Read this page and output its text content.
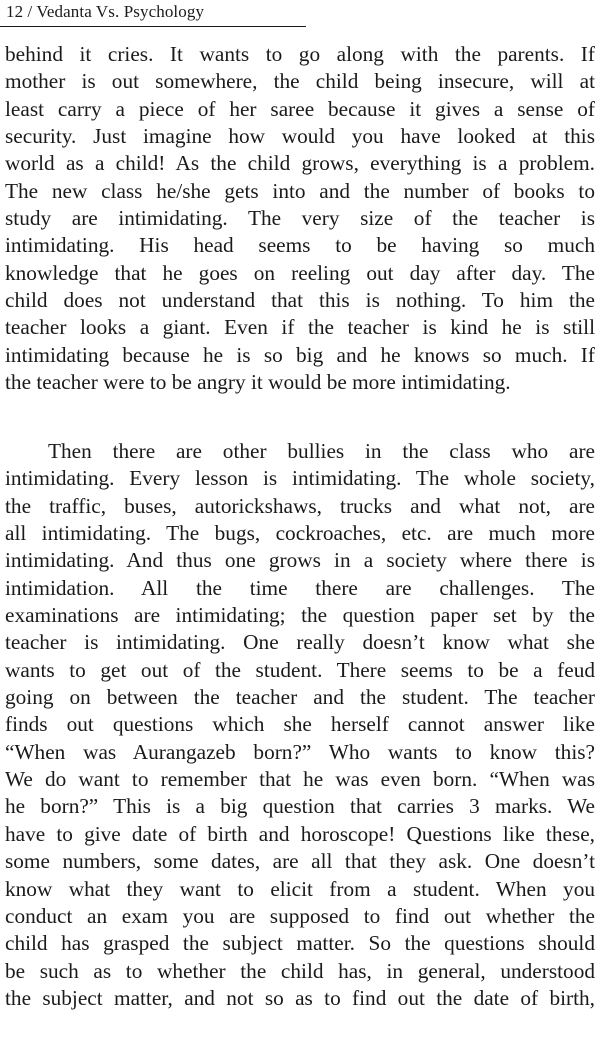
12 / Vedanta Vs. Psychology
behind it cries. It wants to go along with the parents. If
mother is out somewhere, the child being insecure, will at
least carry a piece of her saree because it gives a sense of
security. Just imagine how would you have looked at this
world as a child! As the child grows, everything is a problem.
The new class he/she gets into and the number of books to
study are intimidating. The very size of the teacher is
intimidating. His head seems to be having so much
knowledge that he goes on reeling out day after day. The
child does not understand that this is nothing. To him the
teacher looks a giant. Even if the teacher is kind he is still
intimidating because he is so big and he knows so much. If
the teacher were to be angry it would be more intimidating.
Then there are other bullies in the class who are
intimidating. Every lesson is intimidating. The whole society,
the traffic, buses, autorickshaws, trucks and what not, are
all intimidating. The bugs, cockroaches, etc. are much more
intimidating. And thus one grows in a society where there is
intimidation. All the time there are challenges. The
examinations are intimidating; the question paper set by the
teacher is intimidating. One really doesn’t know what she
wants to get out of the student. There seems to be a feud
going on between the teacher and the student. The teacher
finds out questions which she herself cannot answer like
“When was Aurangazeb born?” Who wants to know this?
We do want to remember that he was even born. “When was
he born?” This is a big question that carries 3 marks. We
have to give date of birth and horoscope! Questions like these,
some numbers, some dates, are all that they ask. One doesn’t
know what they want to elicit from a student. When you
conduct an exam you are supposed to find out whether the
child has grasped the subject matter. So the questions should
be such as to whether the child has, in general, understood
the subject matter, and not so as to find out the date of birth,
